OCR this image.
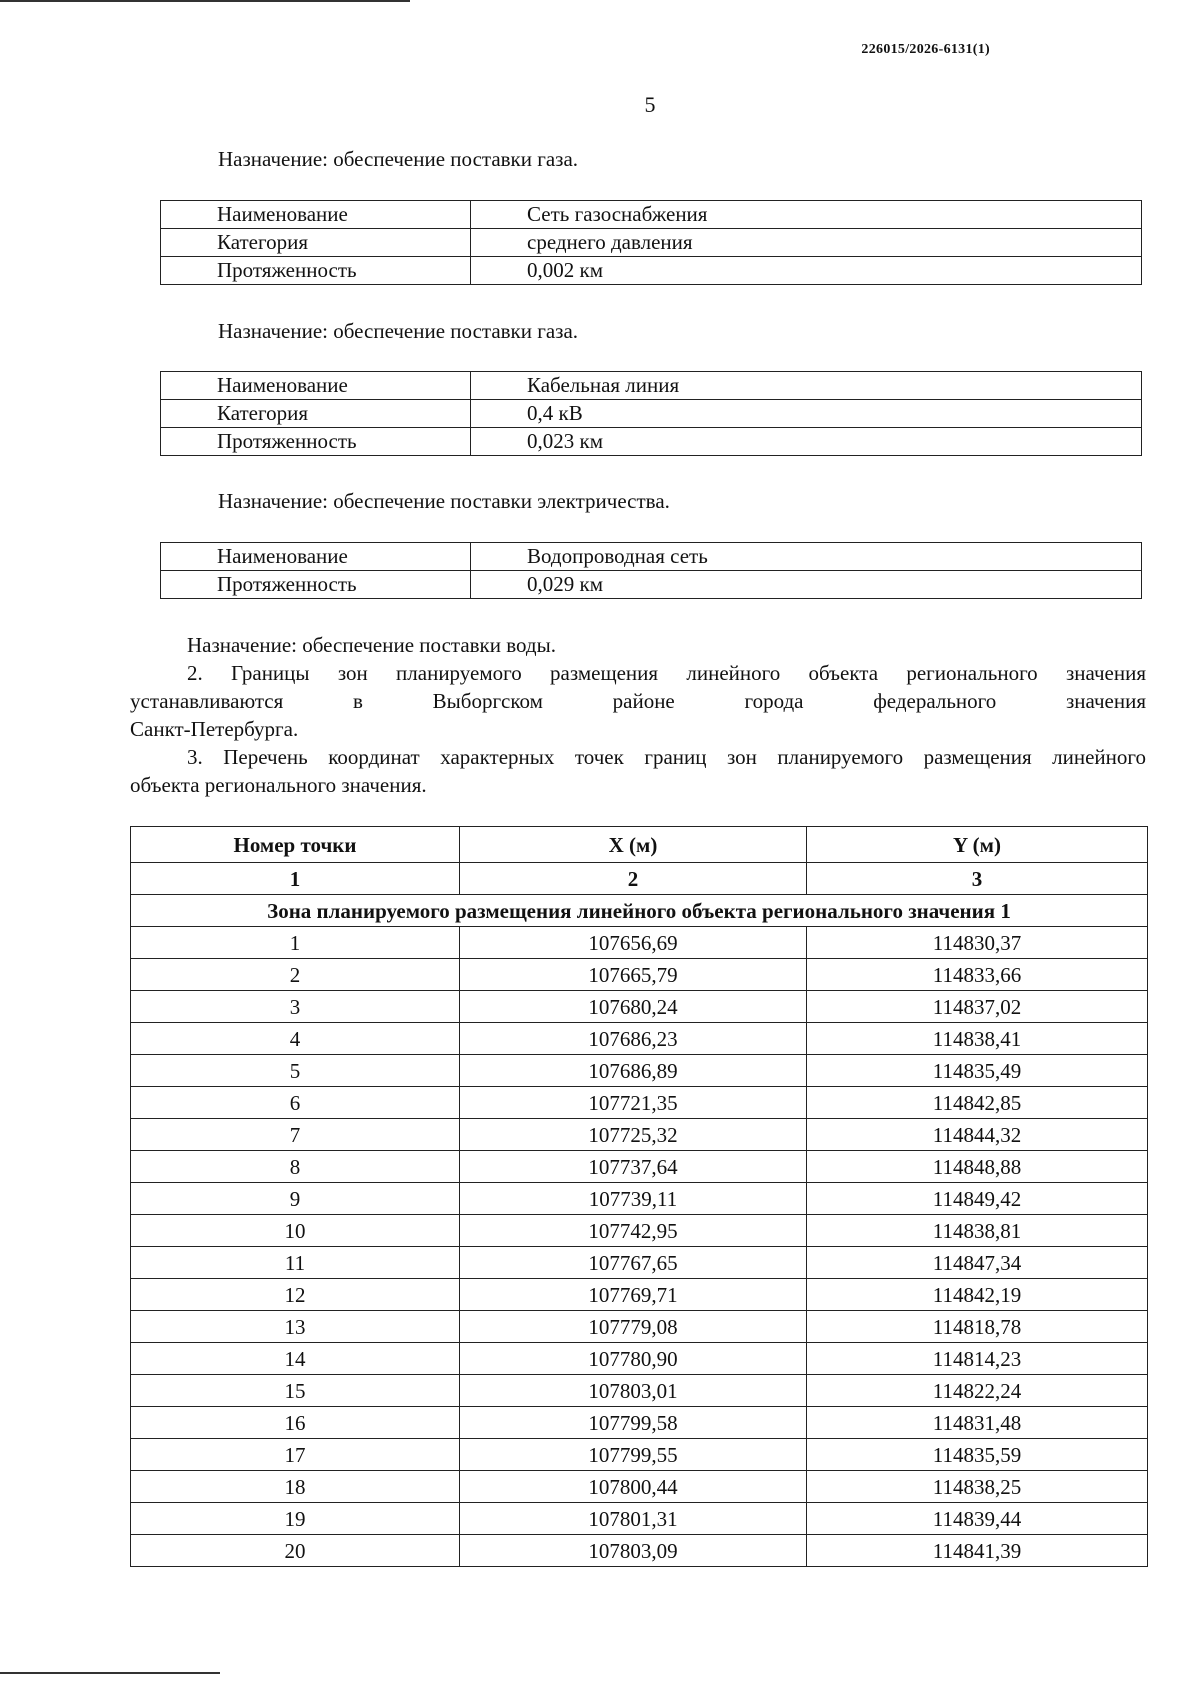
226015/2026-6131(1)
5
Назначение: обеспечение поставки газа.
Наименование	Сеть газоснабжения
Категория	среднего давления
Протяженность	0,002 км
Назначение: обеспечение поставки газа.
Наименование	Кабельная линия
Категория	0,4 кВ
Протяженность	0,023 км
Назначение: обеспечение поставки электричества.
Наименование	Водопроводная сеть
Протяженность	0,029 км
Назначение: обеспечение поставки воды.
2. Границы зон планируемого размещения линейного объекта регионального значения
устанавливаются в Выборгском районе города федерального значения
Санкт-Петербурга.
3. Перечень координат характерных точек границ зон планируемого размещения линейного
объекта регионального значения.
Номер точки	X (м)	Y (м)
1	2	3
Зона планируемого размещения линейного объекта регионального значения 1		
1	107656,69	114830,37
2	107665,79	114833,66
3	107680,24	114837,02
4	107686,23	114838,41
5	107686,89	114835,49
6	107721,35	114842,85
7	107725,32	114844,32
8	107737,64	114848,88
9	107739,11	114849,42
10	107742,95	114838,81
11	107767,65	114847,34
12	107769,71	114842,19
13	107779,08	114818,78
14	107780,90	114814,23
15	107803,01	114822,24
16	107799,58	114831,48
17	107799,55	114835,59
18	107800,44	114838,25
19	107801,31	114839,44
20	107803,09	114841,39
